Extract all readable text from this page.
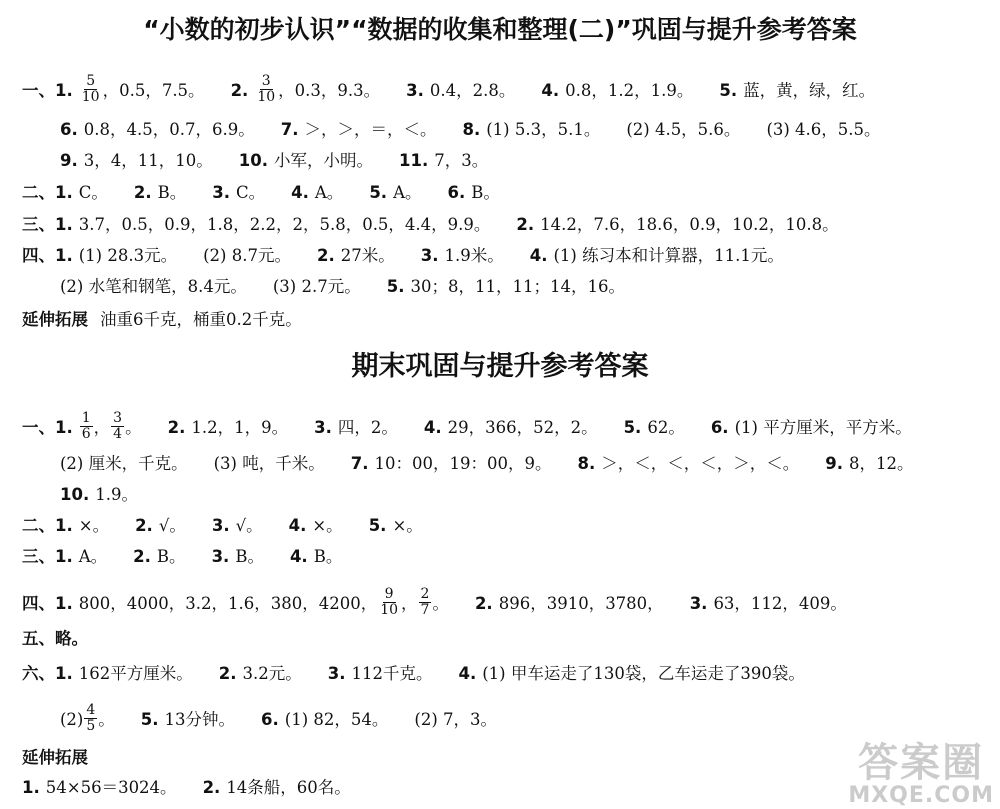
“小数的初步认识”“数据的收集和整理(二)”巩固与提升参考答案
一、1. $\frac{5}{10}$ ，0.5，7.5。 2. $\frac{3}{10}$ ，0.3，9.3。 3. 0.4，2.8。 4. 0.8，1.2，1.9。 5. 蓝，黄，绿，红。
6. 0.8，4.5，0.7，6.9。 7. ＞，＞，＝，＜。 8. (1) 5.3，5.1。 (2) 4.5，5.6。 (3) 4.6，5.5。
9. 3，4，11，10。 10. 小军，小明。 11. 7，3。
二、1. C。 2. B。 3. C。 4. A。 5. A。 6. B。
三、1. 3.7，0.5，0.9，1.8，2.2，2，5.8，0.5，4.4，9.9。 2. 14.2，7.6，18.6，0.9，10.2，10.8。
四、1. (1) 28.3元。 (2) 8.7元。 2. 27米。 3. 1.9米。 4. (1) 练习本和计算器，11.1元。
(2) 水笔和钢笔，8.4元。 (3) 2.7元。 5. 30；8，11，11；14，16。
延伸拓展 油重6千克，桶重0.2千克。
期末巩固与提升参考答案
一、1. $\frac{1}{6}$ ， $\frac{3}{4}$ 。 2. 1.2，1，9。 3. 四，2。 4. 29，366，52，2。 5. 62。 6. (1) 平方厘米，平方米。
(2) 厘米，千克。 (3) 吨，千米。 7. 10：00，19：00，9。 8. ＞，＜，＜，＜，＞，＜。 9. 8，12。
10. 1.9。
二、1. ×。 2. √。 3. √。 4. ×。 5. ×。
三、1. A。 2. B。 3. B。 4. B。
四、1. 800，4000，3.2，1.6，380，4200， $\frac{9}{10}$ ， $\frac{2}{7}$ 。 2. 896，3910，3780， 3. 63，112，409。
五、略。
六、1. 162平方厘米。 2. 3.2元。 3. 112千克。 4. (1) 甲车运走了130袋，乙车运走了390袋。
$(2) \frac{4}{5}$ 。 5. 13分钟。 6. (1) 82，54。 (2) 7，3。
延伸拓展
1. 54×56＝3024。 2. 14条船，60名。
答案圈
MXQE.COM
